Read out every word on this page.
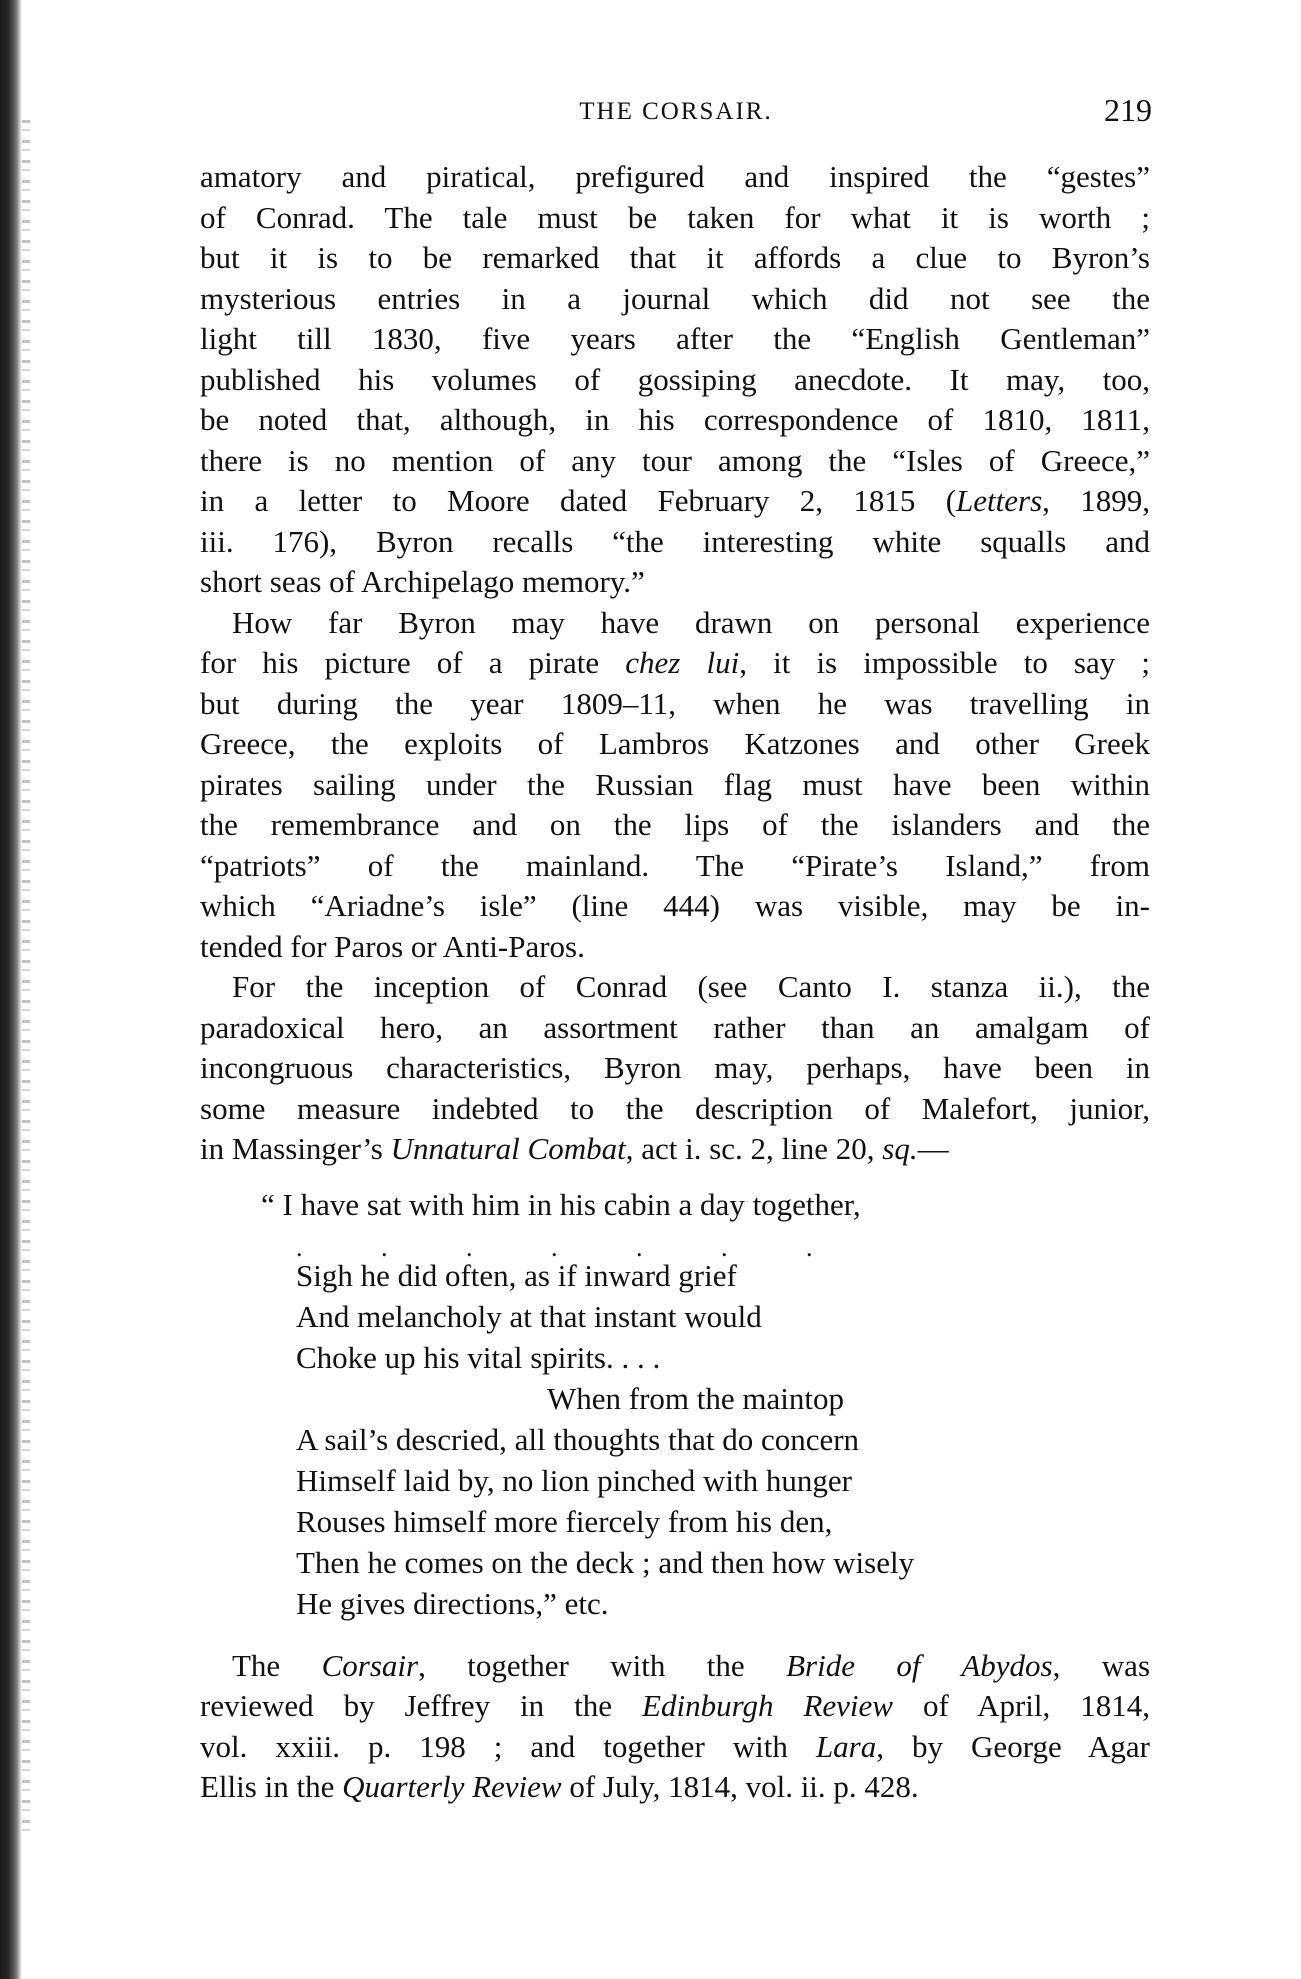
THE CORSAIR.	219
amatory and piratical, prefigured and inspired the “gestes”
of Conrad. The tale must be taken for what it is worth ;
but it is to be remarked that it affords a clue to Byron’s
mysterious entries in a journal which did not see the
light till 1830, five years after the “English Gentleman”
published his volumes of gossiping anecdote. It may, too,
be noted that, although, in his correspondence of 1810, 1811,
there is no mention of any tour among the “Isles of Greece,”
in a letter to Moore dated February 2, 1815 (Letters, 1899,
iii. 176), Byron recalls “the interesting white squalls and
short seas of Archipelago memory.”
How far Byron may have drawn on personal experience
for his picture of a pirate chez lui, it is impossible to say ;
but during the year 1809–11, when he was travelling in
Greece, the exploits of Lambros Katzones and other Greek
pirates sailing under the Russian flag must have been within
the remembrance and on the lips of the islanders and the
“patriots” of the mainland. The “Pirate’s Island,” from
which “Ariadne’s isle” (line 444) was visible, may be in-
tended for Paros or Anti-Paros.
For the inception of Conrad (see Canto I. stanza ii.), the
paradoxical hero, an assortment rather than an amalgam of
incongruous characteristics, Byron may, perhaps, have been in
some measure indebted to the description of Malefort, junior,
in Massinger’s Unnatural Combat, act i. sc. 2, line 20, sq.—
“ I have sat with him in his cabin a day together,
.	.	.	.	.	.	.
Sigh he did often, as if inward grief
And melancholy at that instant would
Choke up his vital spirits. . . .
When from the maintop
A sail’s descried, all thoughts that do concern
Himself laid by, no lion pinched with hunger
Rouses himself more fiercely from his den,
Then he comes on the deck ; and then how wisely
He gives directions,” etc.
The Corsair, together with the Bride of Abydos, was
reviewed by Jeffrey in the Edinburgh Review of April, 1814,
vol. xxiii. p. 198 ; and together with Lara, by George Agar
Ellis in the Quarterly Review of July, 1814, vol. ii. p. 428.
